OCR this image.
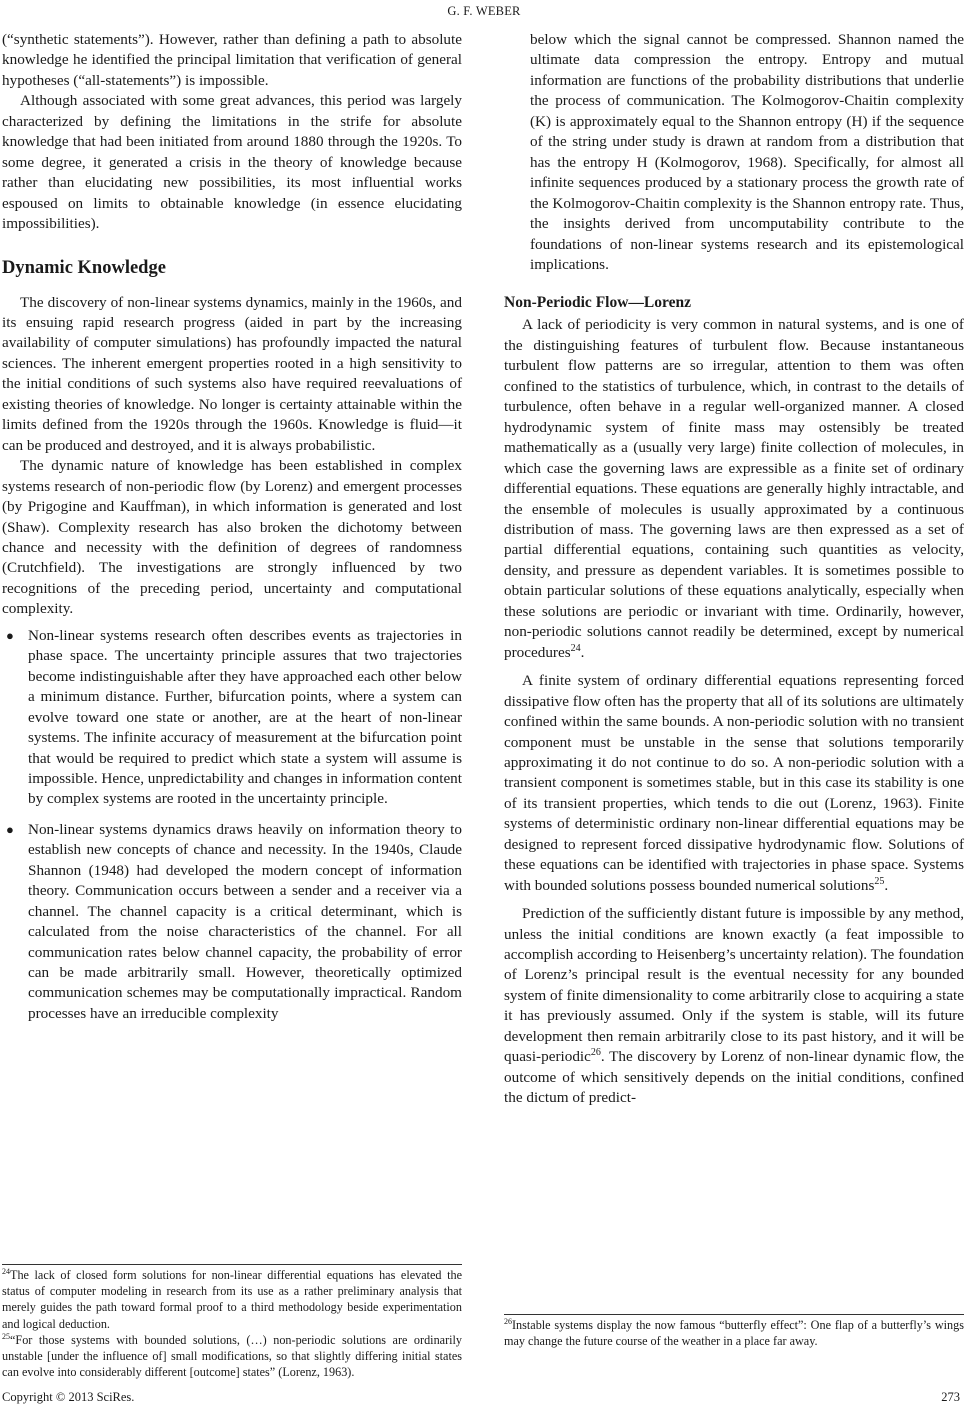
G. F. WEBER

(“synthetic statements”). However, rather than defining a path to absolute knowledge he identified the principal limitation that verification of general hypotheses (“all-statements”) is impossible.

Although associated with some great advances, this period was largely characterized by defining the limitations in the strife for absolute knowledge that had been initiated from around 1880 through the 1920s. To some degree, it generated a crisis in the theory of knowledge because rather than elucidating new possibilities, its most influential works espoused on limits to obtainable knowledge (in essence elucidating impossibilities).

Dynamic Knowledge

The discovery of non-linear systems dynamics, mainly in the 1960s, and its ensuing rapid research progress (aided in part by the increasing availability of computer simulations) has profoundly impacted the natural sciences. The inherent emergent properties rooted in a high sensitivity to the initial conditions of such systems also have required reevaluations of existing theories of knowledge. No longer is certainty attainable within the limits defined from the 1920s through the 1960s. Knowledge is fluid—it can be produced and destroyed, and it is always probabilistic.

The dynamic nature of knowledge has been established in complex systems research of non-periodic flow (by Lorenz) and emergent processes (by Prigogine and Kauffman), in which information is generated and lost (Shaw). Complexity research has also broken the dichotomy between chance and necessity with the definition of degrees of randomness (Crutchfield). The investigations are strongly influenced by two recognitions of the preceding period, uncertainty and computational complexity.

● Non-linear systems research often describes events as trajectories in phase space. The uncertainty principle assures that two trajectories become indistinguishable after they have approached each other below a minimum distance. Further, bifurcation points, where a system can evolve toward one state or another, are at the heart of non-linear systems. The infinite accuracy of measurement at the bifurcation point that would be required to predict which state a system will assume is impossible. Hence, unpredictability and changes in information content by complex systems are rooted in the uncertainty principle.

● Non-linear systems dynamics draws heavily on information theory to establish new concepts of chance and necessity. In the 1940s, Claude Shannon (1948) had developed the modern concept of information theory. Communication occurs between a sender and a receiver via a channel. The channel capacity is a critical determinant, which is calculated from the noise characteristics of the channel. For all communication rates below channel capacity, the probability of error can be made arbitrarily small. However, theoretically optimized communication schemes may be computationally impractical. Random processes have an irreducible complexity

below which the signal cannot be compressed. Shannon named the ultimate data compression the entropy. Entropy and mutual information are functions of the probability distributions that underlie the process of communication. The Kolmogorov-Chaitin complexity (K) is approximately equal to the Shannon entropy (H) if the sequence of the string under study is drawn at random from a distribution that has the entropy H (Kolmogorov, 1968). Specifically, for almost all infinite sequences produced by a stationary process the growth rate of the Kolmogorov-Chaitin complexity is the Shannon entropy rate. Thus, the insights derived from uncomputability contribute to the foundations of non-linear systems research and its epistemological implications.

Non-Periodic Flow—Lorenz

A lack of periodicity is very common in natural systems, and is one of the distinguishing features of turbulent flow. Because instantaneous turbulent flow patterns are so irregular, attention to them was often confined to the statistics of turbulence, which, in contrast to the details of turbulence, often behave in a regular well-organized manner. A closed hydrodynamic system of finite mass may ostensibly be treated mathematically as a (usually very large) finite collection of molecules, in which case the governing laws are expressible as a finite set of ordinary differential equations. These equations are generally highly intractable, and the ensemble of molecules is usually approximated by a continuous distribution of mass. The governing laws are then expressed as a set of partial differential equations, containing such quantities as velocity, density, and pressure as dependent variables. It is sometimes possible to obtain particular solutions of these equations analytically, especially when these solutions are periodic or invariant with time. Ordinarily, however, non-periodic solutions cannot readily be determined, except by numerical procedures$^{24}$.

A finite system of ordinary differential equations representing forced dissipative flow often has the property that all of its solutions are ultimately confined within the same bounds. A non-periodic solution with no transient component must be unstable in the sense that solutions temporarily approximating it do not continue to do so. A non-periodic solution with a transient component is sometimes stable, but in this case its stability is one of its transient properties, which tends to die out (Lorenz, 1963). Finite systems of deterministic ordinary non-linear differential equations may be designed to represent forced dissipative hydrodynamic flow. Solutions of these equations can be identified with trajectories in phase space. Systems with bounded solutions possess bounded numerical solutions$^{25}$.

Prediction of the sufficiently distant future is impossible by any method, unless the initial conditions are known exactly (a feat impossible to accomplish according to Heisenberg’s uncertainty relation). The foundation of Lorenz’s principal result is the eventual necessity for any bounded system of finite dimensionality to come arbitrarily close to acquiring a state it has previously assumed. Only if the system is stable, will its future development then remain arbitrarily close to its past history, and it will be quasi-periodic$^{26}$. The discovery by Lorenz of non-linear dynamic flow, the outcome of which sensitively depends on the initial conditions, confined the dictum of predict-

$^{24}$The lack of closed form solutions for non-linear differential equations has elevated the status of computer modeling in research from its use as a rather preliminary analysis that merely guides the path toward formal proof to a third methodology beside experimentation and logical deduction.

$^{25}$“For those systems with bounded solutions, (…) non-periodic solutions are ordinarily unstable [under the influence of] small modifications, so that slightly differing initial states can evolve into considerably different [outcome] states” (Lorenz, 1963).

$^{26}$Instable systems display the now famous “butterfly effect”: One flap of a butterfly’s wings may change the future course of the weather in a place far away.

Copyright © 2013 SciRes.	273
